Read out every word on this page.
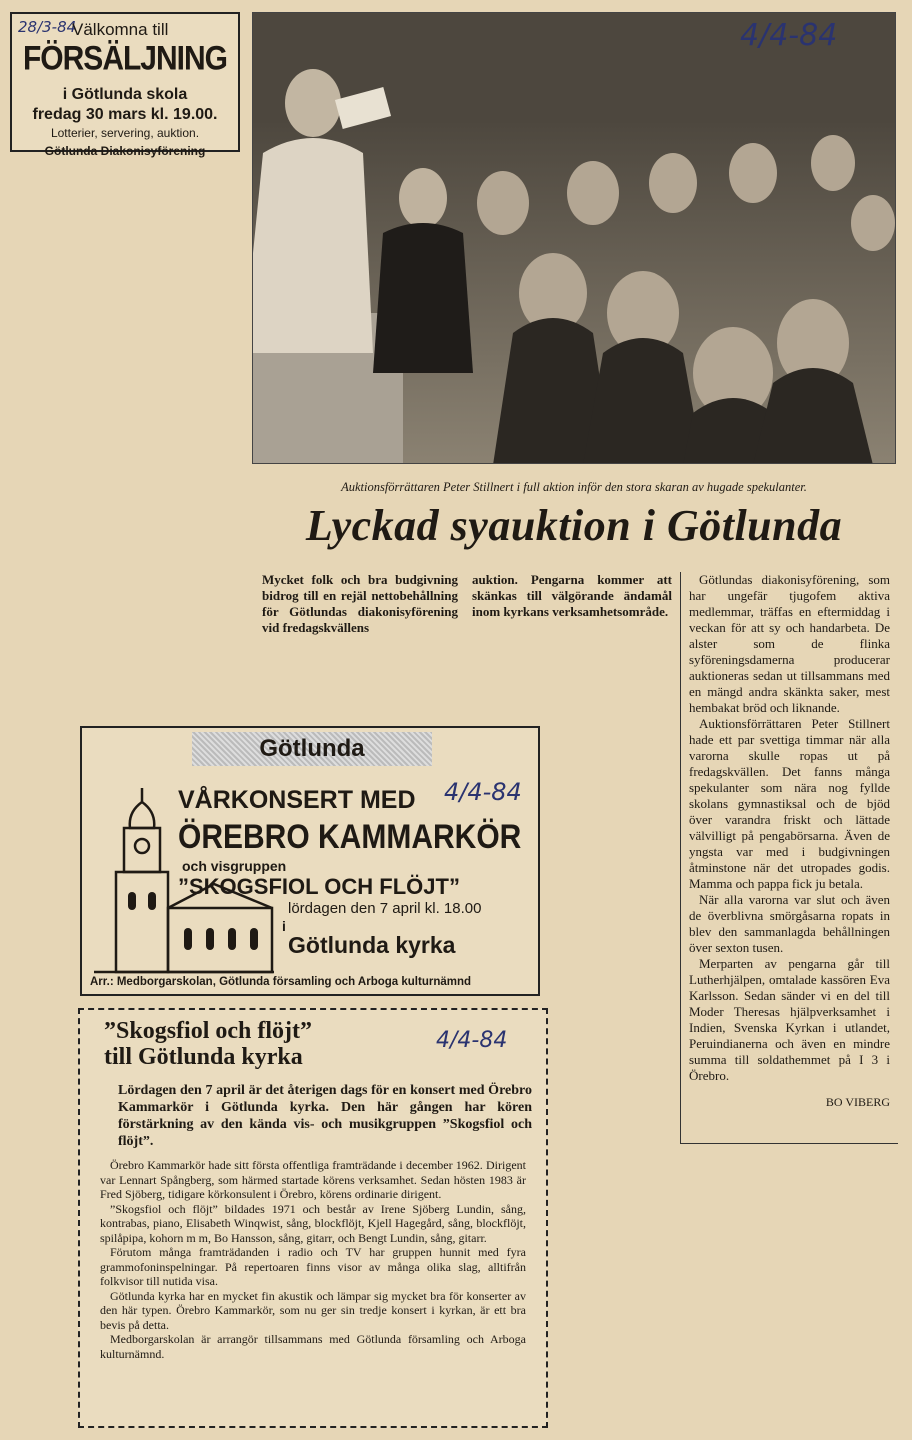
28/3-84
Välkomna till
FÖRSÄLJNING
i Götlunda skola
fredag 30 mars kl. 19.00.
Lotterier, servering, auktion.
Götlunda Diakonisyförening
4/4-84
Auktionsförrättaren Peter Stillnert i full aktion inför den stora skaran av hugade spekulanter.
Lyckad syauktion i Götlunda
Mycket folk och bra budgivning bidrog till en rejäl nettobehållning för Götlundas diakonisyförening vid fredagskvällens
auktion. Pengarna kommer att skänkas till välgörande ändamål inom kyrkans verksamhetsområde.

Götlundas diakonisyförening, som har ungefär tjugofem aktiva medlemmar, träffas en eftermiddag i veckan för att sy och handarbeta. De alster som de flinka syföreningsdamerna producerar auktioneras sedan ut tillsammans med en mängd andra skänkta saker, mest hembakat bröd och liknande.

Auktionsförrättaren Peter Stillnert hade ett par svettiga timmar när alla varorna skulle ropas ut på fredagskvällen. Det fanns många spekulanter som nära nog fyllde skolans gymnastiksal och de bjöd över varandra friskt och lättade välvilligt på pengabörsarna. Även de yngsta var med i budgivningen åtminstone när det utropades godis. Mamma och pappa fick ju betala.

När alla varorna var slut och även de överblivna smörgåsarna ropats in blev den sammanlagda behållningen över sexton tusen.

Merparten av pengarna går till Lutherhjälpen, omtalade kassören Eva Karlsson. Sedan sänder vi en del till Moder Theresas hjälpverksamhet i Indien, Svenska Kyrkan i utlandet, Peruindianerna och även en mindre summa till soldathemmet på I 3 i Örebro.

BO VIBERG

Götlunda
4/4-84
VÅRKONSERT MED
ÖREBRO KAMMARKÖR
och visgruppen
”SKOGSFIOL OCH FLÖJT”
lördagen den 7 april kl. 18.00
i
Götlunda kyrka
Arr.: Medborgarskolan, Götlunda församling och Arboga kulturnämnd
4/4-84
”Skogsfiol och flöjt”
till Götlunda kyrka
Lördagen den 7 april är det återigen dags för en konsert med Örebro Kammarkör i Götlunda kyrka. Den här gången har kören förstärkning av den kända vis- och musikgruppen ”Skogsfiol och flöjt”.

Örebro Kammarkör hade sitt första offentliga framträdande i december 1962. Dirigent var Lennart Spångberg, som härmed startade körens verksamhet. Sedan hösten 1983 är Fred Sjöberg, tidigare körkonsulent i Örebro, körens ordinarie dirigent.

”Skogsfiol och flöjt” bildades 1971 och består av Irene Sjöberg Lundin, sång, kontrabas, piano, Elisabeth Winqwist, sång, blockflöjt, Kjell Hagegård, sång, blockflöjt, spilåpipa, kohorn m m, Bo Hansson, sång, gitarr, och Bengt Lundin, sång, gitarr.

Förutom många framträdanden i radio och TV har gruppen hunnit med fyra grammofoninspelningar. På repertoaren finns visor av många olika slag, alltifrån folkvisor till nutida visa.

Götlunda kyrka har en mycket fin akustik och lämpar sig mycket bra för konserter av den här typen. Örebro Kammarkör, som nu ger sin tredje konsert i kyrkan, är ett bra bevis på detta.

Medborgarskolan är arrangör tillsammans med Götlunda församling och Arboga kulturnämnd.
